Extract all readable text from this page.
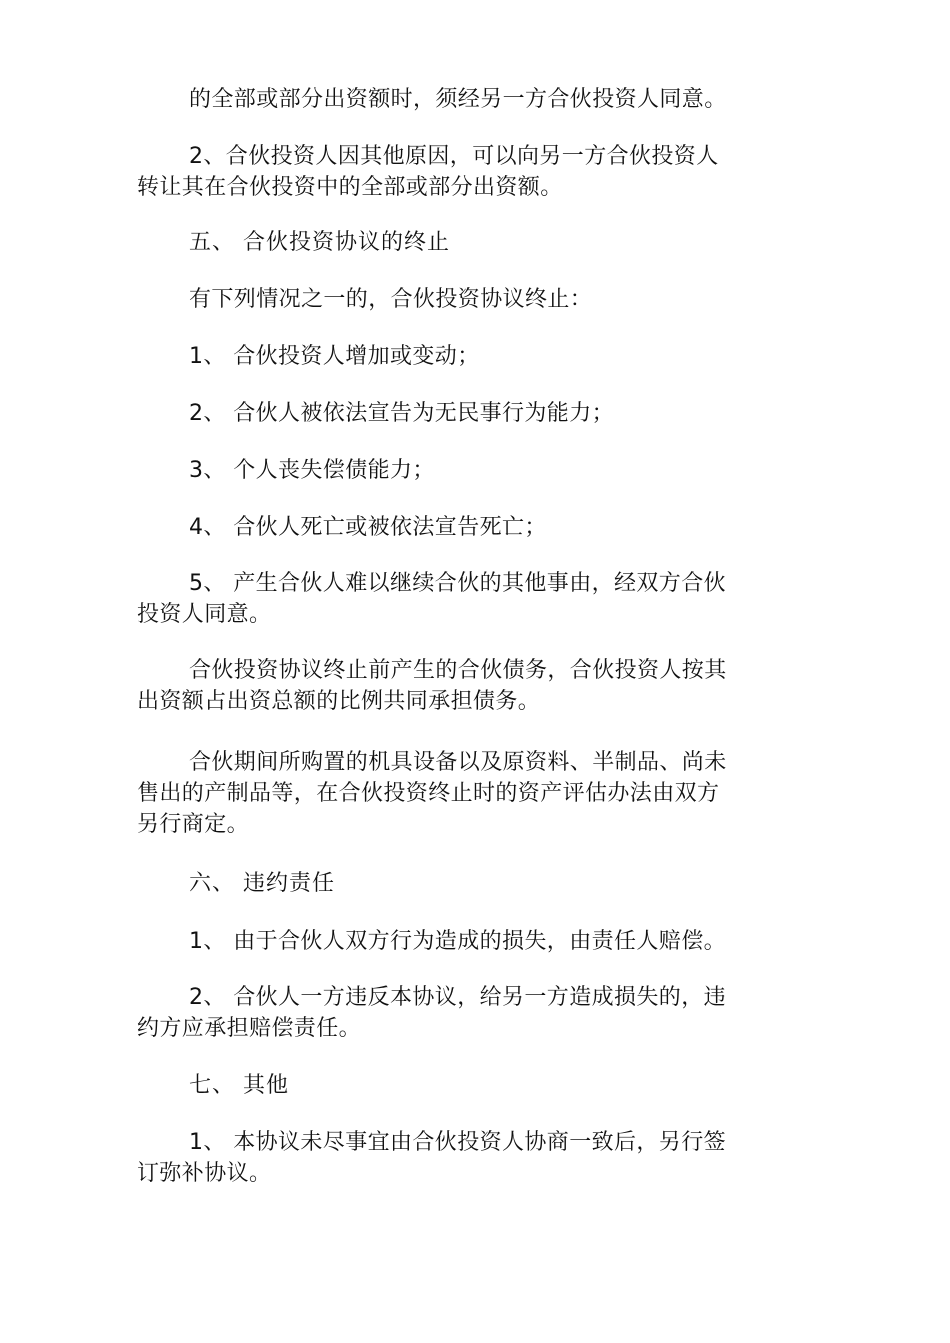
的全部或部分出资额时，须经另一方合伙投资人同意。

2、合伙投资人因其他原因，可以向另一方合伙投资人转让其在合伙投资中的全部或部分出资额。

五、 合伙投资协议的终止

有下列情况之一的，合伙投资协议终止：

1、 合伙投资人增加或变动；

2、 合伙人被依法宣告为无民事行为能力；

3、 个人丧失偿债能力；

4、 合伙人死亡或被依法宣告死亡；

5、 产生合伙人难以继续合伙的其他事由，经双方合伙投资人同意。

合伙投资协议终止前产生的合伙债务，合伙投资人按其出资额占出资总额的比例共同承担债务。

合伙期间所购置的机具设备以及原资料、半制品、尚未售出的产制品等，在合伙投资终止时的资产评估办法由双方另行商定。

六、 违约责任

1、 由于合伙人双方行为造成的损失，由责任人赔偿。

2、 合伙人一方违反本协议，给另一方造成损失的，违约方应承担赔偿责任。

七、 其他

1、 本协议未尽事宜由合伙投资人协商一致后，另行签订弥补协议。
